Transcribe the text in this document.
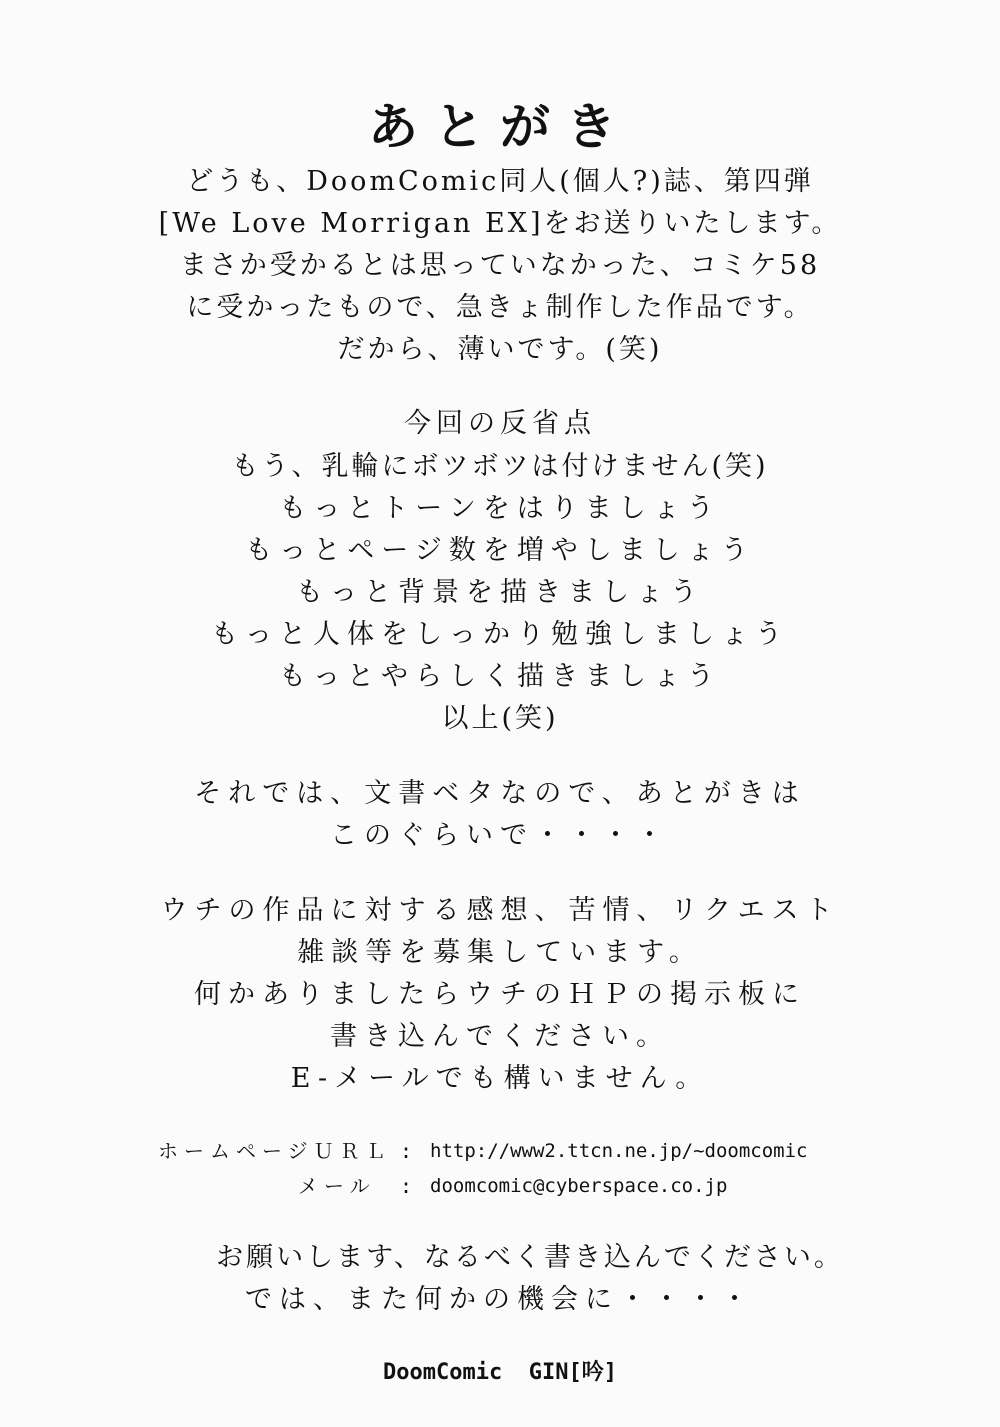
あとがき
どうも、DoomComic同人(個人?)誌、第四弾
[We Love Morrigan EX]をお送りいたします。
まさか受かるとは思っていなかった、コミケ58
に受かったもので、急きょ制作した作品です。
だから、薄いです。(笑)
今回の反省点
もう、乳輪にボツボツは付けません(笑)
もっとトーンをはりましょう
もっとページ数を増やしましょう
もっと背景を描きましょう
もっと人体をしっかり勉強しましょう
もっとやらしく描きましょう
以上(笑)
それでは、文書ベタなので、あとがきは
このぐらいで・・・・
ウチの作品に対する感想、苦情、リクエスト
雑談等を募集しています。
何かありましたらウチのＨＰの掲示板に
書き込んでください。
E-メールでも構いません。
ホームページＵＲＬ : http://www2.ttcn.ne.jp/~doomcomic
メール : doomcomic@cyberspace.co.jp
お願いします、なるべく書き込んでください。
では、また何かの機会に・・・・
DoomComic  GIN[吟]
